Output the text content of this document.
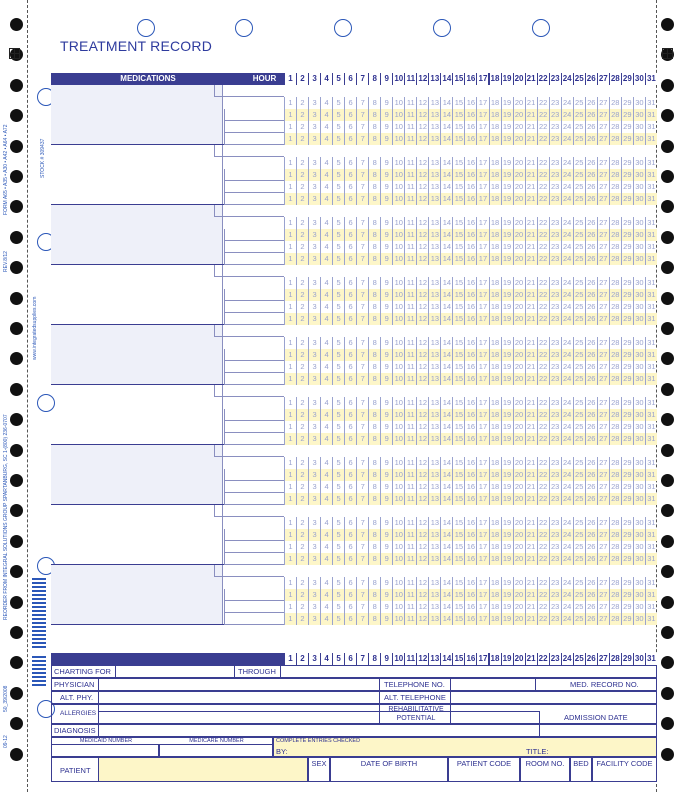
TREATMENT RECORD
FORM A65 • A35 • A30 • A42 • A64 • A72
REV.8/12
REORDER FROM INTEGRAL SOLUTIONS GROUP SPARTANBURG, SC 1-(800) 236-0707
50_39/2008
09-12
STOCK # 309437
www.integratedsupplies.com
MEDICATIONS	HOUR	1 2 3 4 5 6 7 8 9 10 11 12 13 14 15 16 17 18 19 20 21 22 23 24 25 26 27 28 29 30 31
1	2	3	4	5	6	7	8	9 10 11 12 13 14 15 16 17 18 19 20 21 22 23 24 25 26 27 28 29 30 31
1	2	3	4	5	6	7	8	9 10 11 12 13 14 15 16 17 18 19 20 21 22 23 24 25 26 27 28 29 30 31
1	2	3	4	5	6	7	8	9 10 11 12 13 14 15 16 17 18 19 20 21 22 23 24 25 26 27 28 29 30 31
1	2	3	4	5	6	7	8	9 10 11 12 13 14 15 16 17 18 19 20 21 22 23 24 25 26 27 28 29 30 31
1	2	3	4	5	6	7	8	9 10 11 12 13 14 15 16 17 18 19 20 21 22 23 24 25 26 27 28 29 30 31
1	2	3	4	5	6	7	8	9 10 11 12 13 14 15 16 17 18 19 20 21 22 23 24 25 26 27 28 29 30 31
1	2	3	4	5	6	7	8	9 10 11 12 13 14 15 16 17 18 19 20 21 22 23 24 25 26 27 28 29 30 31
1	2	3	4	5	6	7	8	9 10 11 12 13 14 15 16 17 18 19 20 21 22 23 24 25 26 27 28 29 30 31
1	2	3	4	5	6	7	8	9 10 11 12 13 14 15 16 17 18 19 20 21 22 23 24 25 26 27 28 29 30 31
1	2	3	4	5	6	7	8	9 10 11 12 13 14 15 16 17 18 19 20 21 22 23 24 25 26 27 28 29 30 31
1	2	3	4	5	6	7	8	9 10 11 12 13 14 15 16 17 18 19 20 21 22 23 24 25 26 27 28 29 30 31
1	2	3	4	5	6	7	8	9 10 11 12 13 14 15 16 17 18 19 20 21 22 23 24 25 26 27 28 29 30 31
1	2	3	4	5	6	7	8	9 10 11 12 13 14 15 16 17 18 19 20 21 22 23 24 25 26 27 28 29 30 31
1	2	3	4	5	6	7	8	9 10 11 12 13 14 15 16 17 18 19 20 21 22 23 24 25 26 27 28 29 30 31
1	2	3	4	5	6	7	8	9 10 11 12 13 14 15 16 17 18 19 20 21 22 23 24 25 26 27 28 29 30 31
1	2	3	4	5	6	7	8	9 10 11 12 13 14 15 16 17 18 19 20 21 22 23 24 25 26 27 28 29 30 31
1	2	3	4	5	6	7	8	9 10 11 12 13 14 15 16 17 18 19 20 21 22 23 24 25 26 27 28 29 30 31
1	2	3	4	5	6	7	8	9 10 11 12 13 14 15 16 17 18 19 20 21 22 23 24 25 26 27 28 29 30 31
1	2	3	4	5	6	7	8	9 10 11 12 13 14 15 16 17 18 19 20 21 22 23 24 25 26 27 28 29 30 31
1	2	3	4	5	6	7	8	9 10 11 12 13 14 15 16 17 18 19 20 21 22 23 24 25 26 27 28 29 30 31
1	2	3	4	5	6	7	8	9 10 11 12 13 14 15 16 17 18 19 20 21 22 23 24 25 26 27 28 29 30 31
1	2	3	4	5	6	7	8	9 10 11 12 13 14 15 16 17 18 19 20 21 22 23 24 25 26 27 28 29 30 31
1	2	3	4	5	6	7	8	9 10 11 12 13 14 15 16 17 18 19 20 21 22 23 24 25 26 27 28 29 30 31
1	2	3	4	5	6	7	8	9 10 11 12 13 14 15 16 17 18 19 20 21 22 23 24 25 26 27 28 29 30 31
1	2	3	4	5	6	7	8	9 10 11 12 13 14 15 16 17 18 19 20 21 22 23 24 25 26 27 28 29 30 31
1	2	3	4	5	6	7	8	9 10 11 12 13 14 15 16 17 18 19 20 21 22 23 24 25 26 27 28 29 30 31
1	2	3	4	5	6	7	8	9 10 11 12 13 14 15 16 17 18 19 20 21 22 23 24 25 26 27 28 29 30 31
1	2	3	4	5	6	7	8	9 10 11 12 13 14 15 16 17 18 19 20 21 22 23 24 25 26 27 28 29 30 31
1	2	3	4	5	6	7	8	9 10 11 12 13 14 15 16 17 18 19 20 21 22 23 24 25 26 27 28 29 30 31
1	2	3	4	5	6	7	8	9 10 11 12 13 14 15 16 17 18 19 20 21 22 23 24 25 26 27 28 29 30 31
1	2	3	4	5	6	7	8	9 10 11 12 13 14 15 16 17 18 19 20 21 22 23 24 25 26 27 28 29 30 31
1	2	3	4	5	6	7	8	9 10 11 12 13 14 15 16 17 18 19 20 21 22 23 24 25 26 27 28 29 30 31
1	2	3	4	5	6	7	8	9 10 11 12 13 14 15 16 17 18 19 20 21 22 23 24 25 26 27 28 29 30 31
1	2	3	4	5	6	7	8	9 10 11 12 13 14 15 16 17 18 19 20 21 22 23 24 25 26 27 28 29 30 31
1	2	3	4	5	6	7	8	9 10 11 12 13 14 15 16 17 18 19 20 21 22 23 24 25 26 27 28 29 30 31
1	2	3	4	5	6	7	8	9 10 11 12 13 14 15 16 17 18 19 20 21 22 23 24 25 26 27 28 29 30 31
1 2 3 4 5 6 7 8 9 10 11 12 13 14 15 16 17 18 19 20 21 22 23 24 25 26 27 28 29 30 31
CHARTING FOR	THROUGH
PHYSICIAN	TELEPHONE NO.	MED. RECORD NO.
ALT. PHY.	ALT. TELEPHONE
ALLERGIES
REHABILITATIVE
POTENTIAL
DIAGNOSIS
ADMISSION DATE
MEDICAID NUMBER	MEDICARE NUMBER	COMPLETE ENTRIES CHECKED
BY:	TITLE:
PATIENT
SEX	DATE OF BIRTH	PATIENT CODE	ROOM NO.	BED	FACILITY CODE
